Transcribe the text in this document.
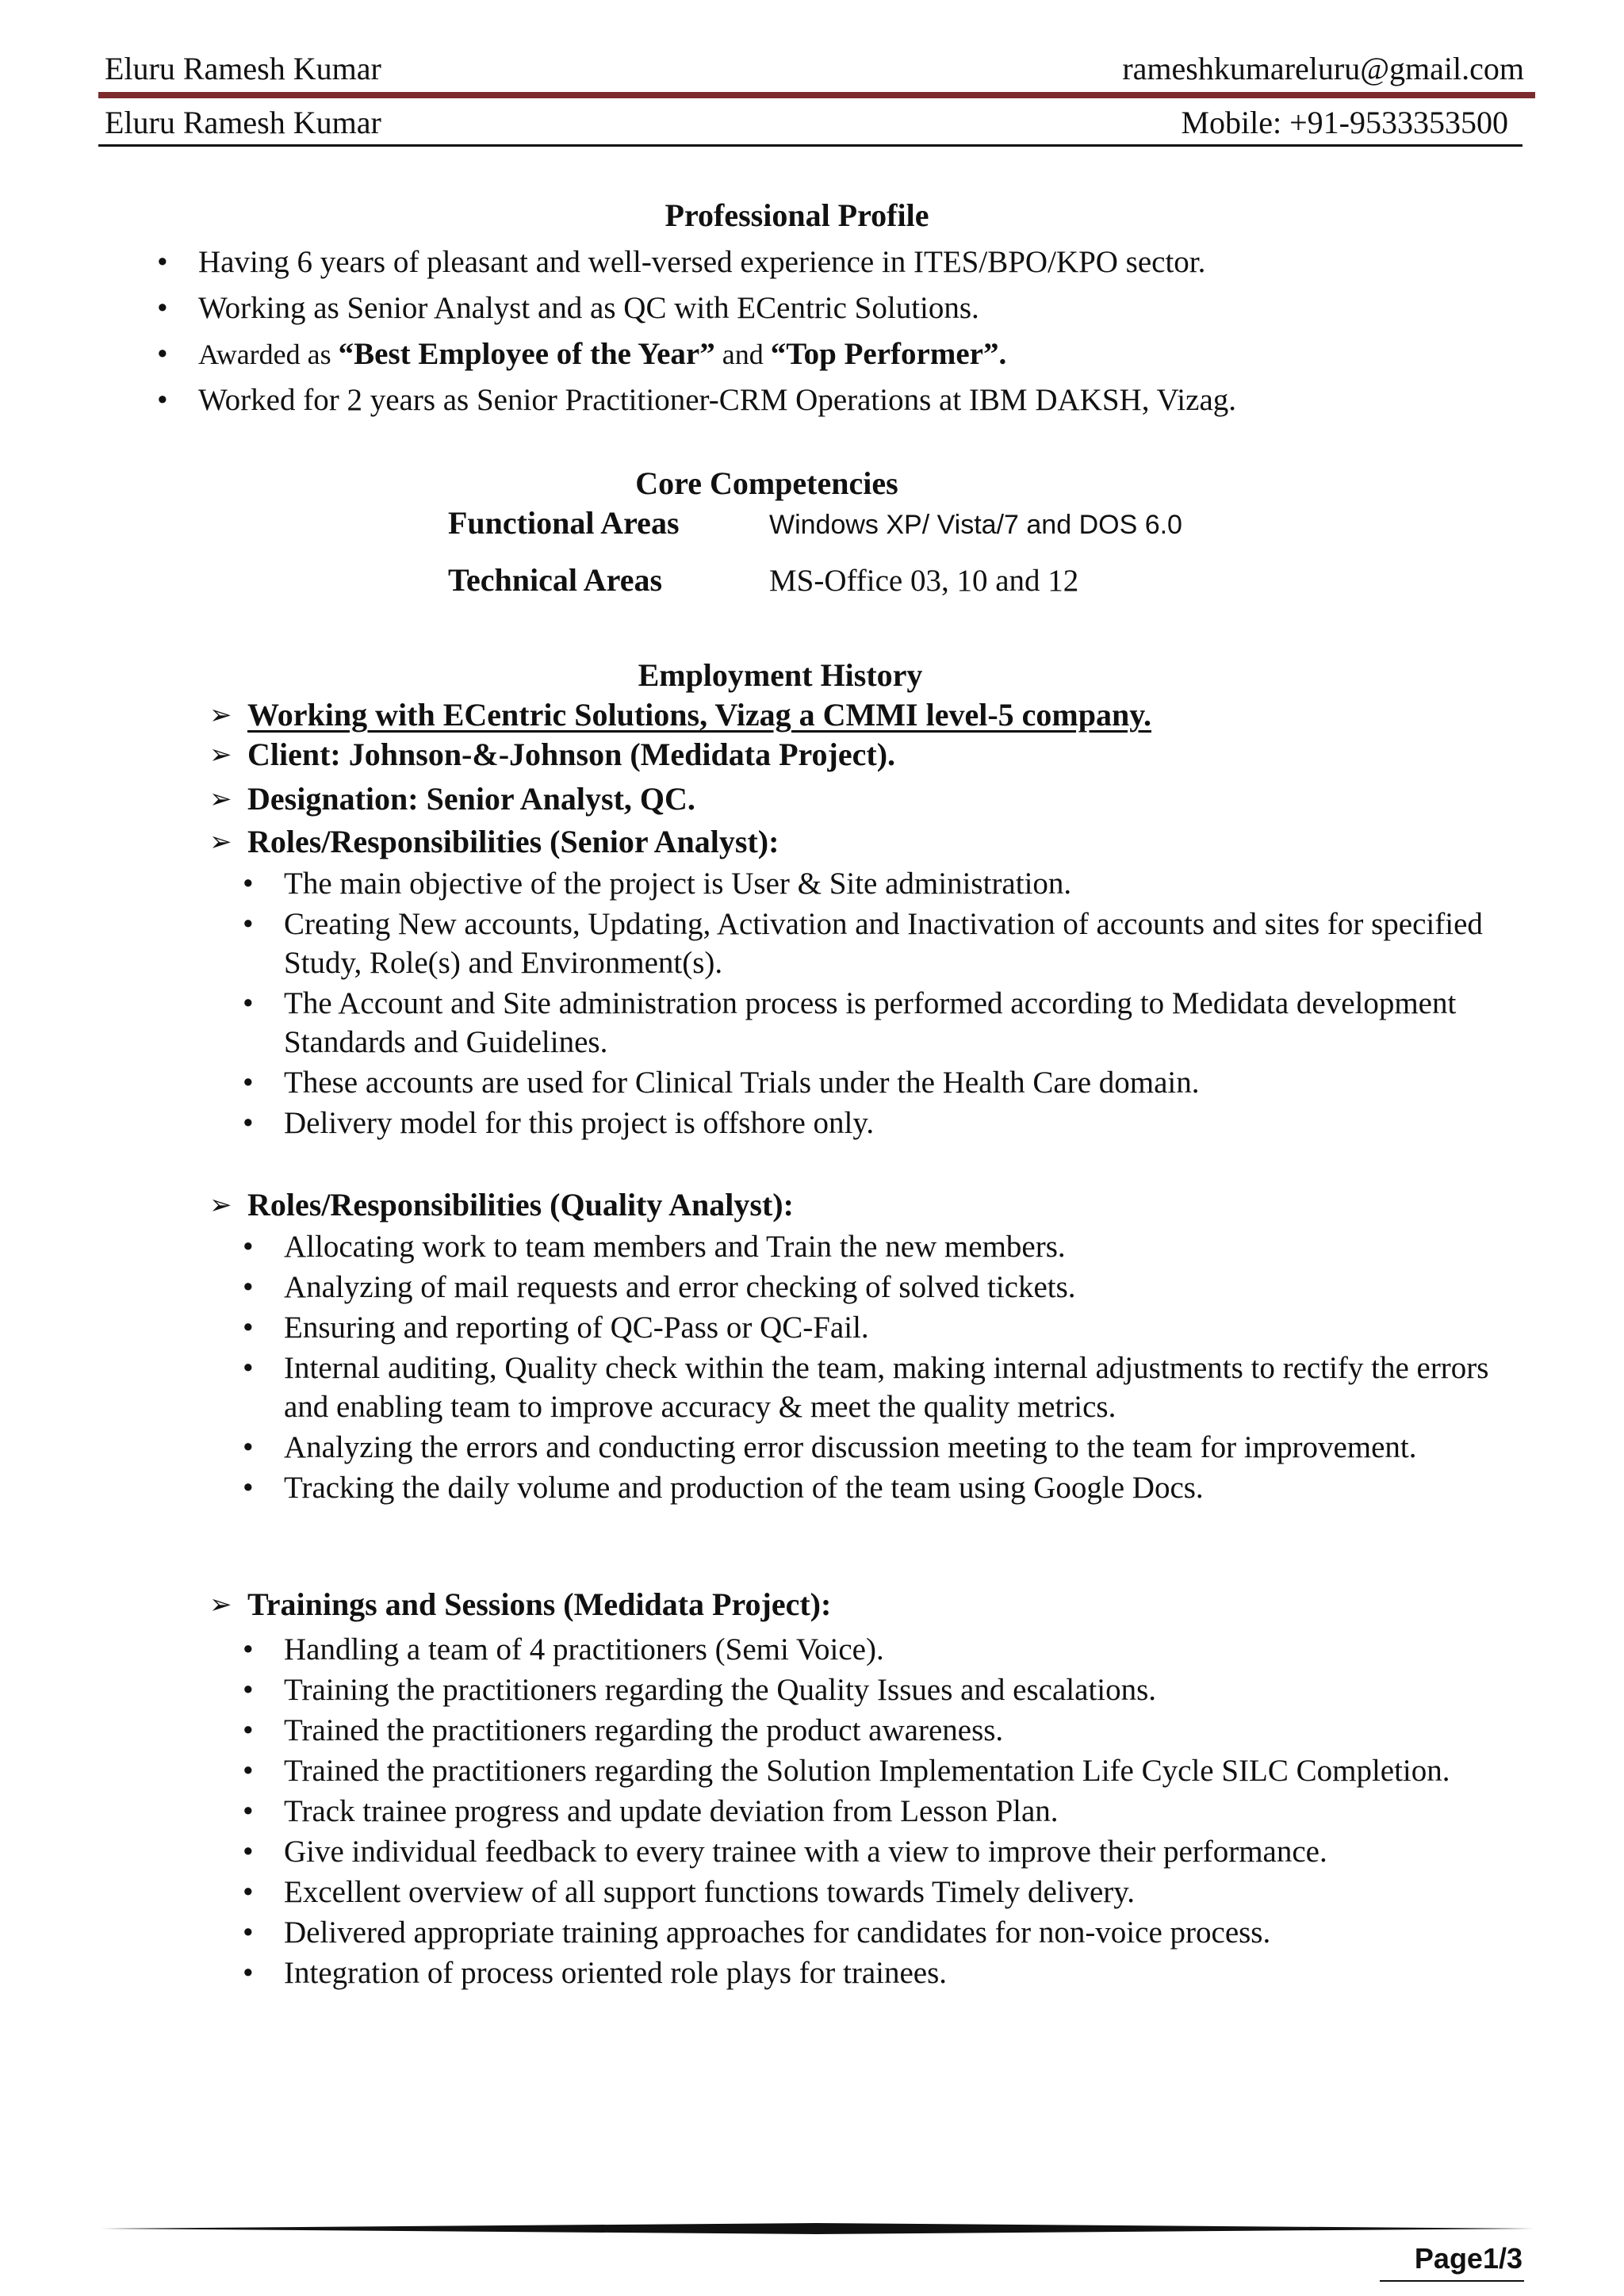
Eluru Ramesh Kumar	rameshkumareluru@gmail.com
Eluru Ramesh Kumar	Mobile: +91-9533353500
Professional Profile
• Having 6 years of pleasant and well-versed experience in ITES/BPO/KPO sector.
• Working as Senior Analyst and as QC with ECentric Solutions.
• Awarded as “Best Employee of the Year” and “Top Performer”.
• Worked for 2 years as Senior Practitioner-CRM Operations at IBM DAKSH, Vizag.
Core Competencies
Functional Areas	Windows XP/ Vista/7 and DOS 6.0
Technical Areas	MS-Office 03, 10 and 12
Employment History
➢ Working with ECentric Solutions, Vizag a CMMI level-5 company.
➢ Client: Johnson-&-Johnson (Medidata Project).
➢ Designation: Senior Analyst, QC.
➢ Roles/Responsibilities (Senior Analyst):
• The main objective of the project is User & Site administration.
• Creating New accounts, Updating, Activation and Inactivation of accounts and sites for specified Study, Role(s) and Environment(s).
• The Account and Site administration process is performed according to Medidata development Standards and Guidelines.
• These accounts are used for Clinical Trials under the Health Care domain.
• Delivery model for this project is offshore only.
➢ Roles/Responsibilities (Quality Analyst):
• Allocating work to team members and Train the new members.
• Analyzing of mail requests and error checking of solved tickets.
• Ensuring and reporting of QC-Pass or QC-Fail.
• Internal auditing, Quality check within the team, making internal adjustments to rectify the errors and enabling team to improve accuracy & meet the quality metrics.
• Analyzing the errors and conducting error discussion meeting to the team for improvement.
• Tracking the daily volume and production of the team using Google Docs.
➢ Trainings and Sessions (Medidata Project):
• Handling a team of 4 practitioners (Semi Voice).
• Training the practitioners regarding the Quality Issues and escalations.
• Trained the practitioners regarding the product awareness.
• Trained the practitioners regarding the Solution Implementation Life Cycle SILC Completion.
• Track trainee progress and update deviation from Lesson Plan.
• Give individual feedback to every trainee with a view to improve their performance.
• Excellent overview of all support functions towards Timely delivery.
• Delivered appropriate training approaches for candidates for non-voice process.
• Integration of process oriented role plays for trainees.
Page1/3
